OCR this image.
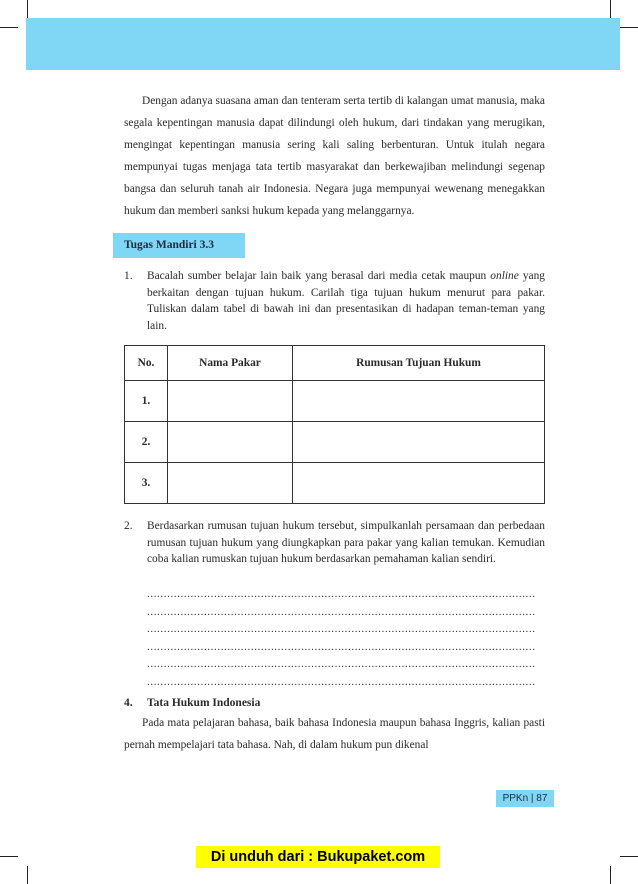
Dengan adanya suasana aman dan tenteram serta tertib di kalangan umat manusia, maka segala kepentingan manusia dapat dilindungi oleh hukum, dari tindakan yang merugikan, mengingat kepentingan manusia sering kali saling berbenturan. Untuk itulah negara mempunyai tugas menjaga tata tertib masyarakat dan berkewajiban melindungi segenap bangsa dan seluruh tanah air Indonesia. Negara juga mempunyai wewenang menegakkan hukum dan memberi sanksi hukum kepada yang melanggarnya.

Tugas Mandiri 3.3
1. Bacalah sumber belajar lain baik yang berasal dari media cetak maupun online yang berkaitan dengan tujuan hukum. Carilah tiga tujuan hukum menurut para pakar. Tuliskan dalam tabel di bawah ini dan presentasikan di hadapan teman-teman yang lain.

No.	Nama Pakar	Rumusan Tujuan Hukum
1.		
2.		
3.		
2. Berdasarkan rumusan tujuan hukum tersebut, simpulkanlah persamaan dan perbedaan rumusan tujuan hukum yang diungkapkan para pakar yang kalian temukan. Kemudian coba kalian rumuskan tujuan hukum berdasarkan pemahaman kalian sendiri.

....................................................................................................................
....................................................................................................................
....................................................................................................................
....................................................................................................................
....................................................................................................................
....................................................................................................................
4. Tata Hukum Indonesia

Pada mata pelajaran bahasa, baik bahasa Indonesia maupun bahasa Inggris, kalian pasti pernah mempelajari tata bahasa. Nah, di dalam hukum pun dikenal

PPKn | 87
Di unduh dari : Bukupaket.com
